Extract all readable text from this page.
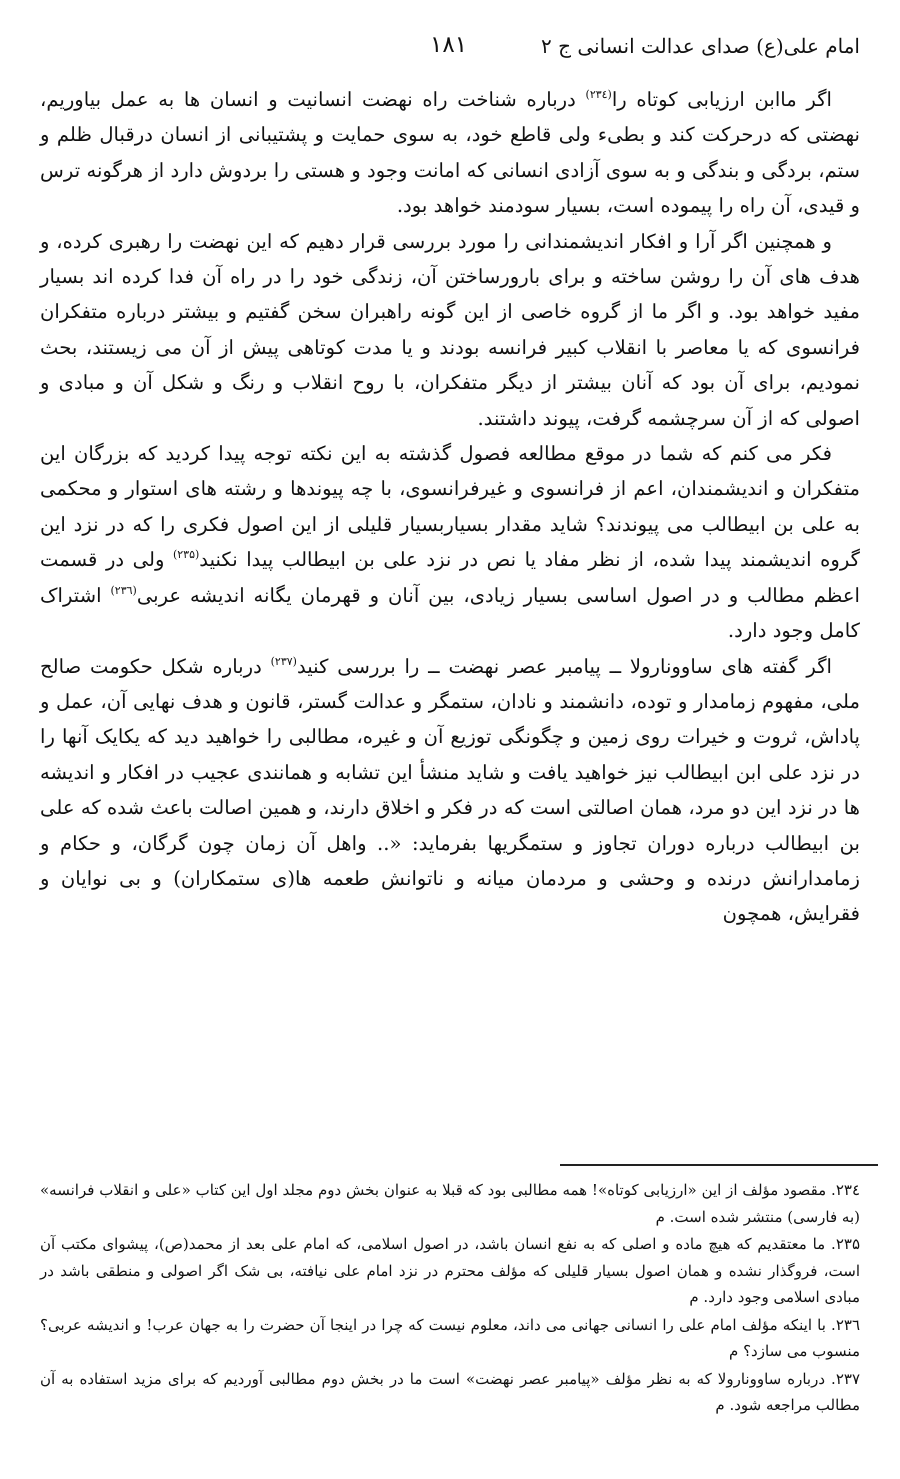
امام علی(ع) صدای عدالت انسانی ج ۲
۱۸۱

اگر ماابن ارزیابی کوتاه را$^{(۲۳٤)}$ درباره شناخت راه نهضت انسانیت و انسان ها به عمل بیاوریم، نهضتی که درحرکت کند و بطیء ولی قاطع خود، به سوی حمایت و پشتیبانی از انسان درقبال ظلم و ستم، بردگی و بندگی و به سوی آزادی انسانی که امانت وجود و هستی را بردوش دارد از هرگونه ترس و قیدی، آن راه را پیموده است، بسیار سودمند خواهد بود.

و همچنین اگر آرا و افکار اندیشمندانی را مورد بررسی قرار دهیم که این نهضت را رهبری کرده، و هدف های آن را روشن ساخته و برای بارورساختن آن، زندگی خود را در راه آن فدا کرده اند بسیار مفید خواهد بود. و اگر ما از گروه خاصی از این گونه راهبران سخن گفتیم و بیشتر درباره متفکران فرانسوی که یا معاصر با انقلاب کبیر فرانسه بودند و یا مدت کوتاهی پیش از آن می زیستند، بحث نمودیم، برای آن بود که آنان بیشتر از دیگر متفکران، با روح انقلاب و رنگ و شکل آن و مبادی و اصولی که از آن سرچشمه گرفت، پیوند داشتند.

فکر می کنم که شما در موقع مطالعه فصول گذشته به این نکته توجه پیدا کردید که بزرگان این متفکران و اندیشمندان، اعم از فرانسوی و غیرفرانسوی، با چه پیوندها و رشته های استوار و محکمی به علی بن ابیطالب می پیوندند؟ شاید مقدار بسیاربسیار قلیلی از این اصول فکری را که در نزد این گروه اندیشمند پیدا شده، از نظر مفاد یا نص در نزد علی بن ابیطالب پیدا نکنید$^{(۲۳۵)}$ ولی در قسمت اعظم مطالب و در اصول اساسی بسیار زیادی، بین آنان و قهرمان یگانه اندیشه عربی$^{(۲۳٦)}$ اشتراک کامل وجود دارد.

اگر گفته های ساوونارولا ــ پیامبر عصر نهضت ــ را بررسی کنید$^{(۲۳۷)}$ درباره شکل حکومت صالح ملی، مفهوم زمامدار و توده، دانشمند و نادان، ستمگر و عدالت گستر، قانون و هدف نهایی آن، عمل و پاداش، ثروت و خیرات روی زمین و چگونگی توزیع آن و غیره، مطالبی را خواهید دید که یکایک آنها را در نزد علی ابن ابیطالب نیز خواهید یافت و شاید منشأ این تشابه و همانندی عجیب در افکار و اندیشه ها در نزد این دو مرد، همان اصالتی است که در فکر و اخلاق دارند، و همین اصالت باعث شده که علی بن ابیطالب درباره دوران تجاوز و ستمگریها بفرماید: «.. واهل آن زمان چون گرگان، و حکام و زمامدارانش درنده و وحشی و مردمان میانه و ناتوانش طعمه ها(ی ستمکاران) و بی نوایان و فقرایش، همچون

۲۳٤. مقصود مؤلف از این «ارزیابی کوتاه»! همه مطالبی بود که قبلا به عنوان بخش دوم مجلد اول این کتاب «علی و انقلاب فرانسه» (به فارسی) منتشر شده است. م

۲۳۵. ما معتقدیم که هیچ ماده و اصلی که به نفع انسان باشد، در اصول اسلامی، که امام علی بعد از محمد(ص)، پیشوای مکتب آن است، فروگذار نشده و همان اصول بسیار قلیلی که مؤلف محترم در نزد امام علی نیافته، بی شک اگر اصولی و منطقی باشد در مبادی اسلامی وجود دارد. م

۲۳٦. با اینکه مؤلف امام علی را انسانی جهانی می داند، معلوم نیست که چرا در اینجا آن حضرت را به جهان عرب! و اندیشه عربی؟ منسوب می سازد؟ م

۲۳۷. درباره ساوونارولا که به نظر مؤلف «پیامبر عصر نهضت» است ما در بخش دوم مطالبی آوردیم که برای مزید استفاده به آن مطالب مراجعه شود. م
